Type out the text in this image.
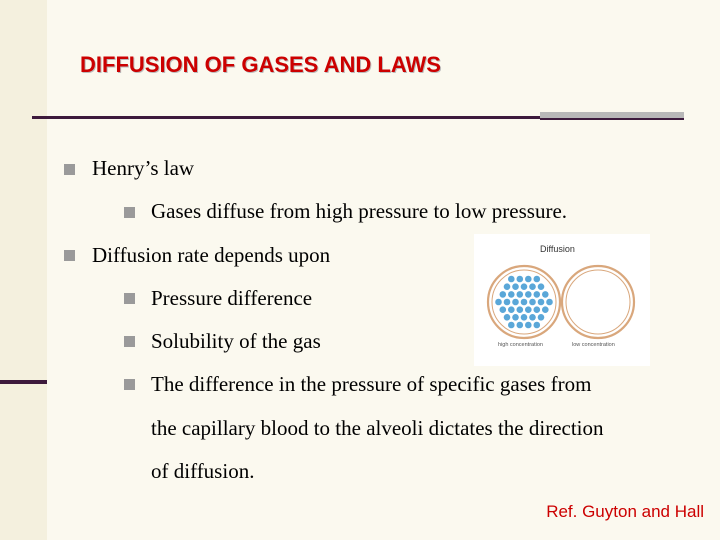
DIFFUSION OF GASES AND LAWS
Henry’s law
Gases diffuse from high pressure to low pressure.
Diffusion rate depends upon
Pressure difference
Solubility of the gas
The difference in the pressure of specific gases from
the capillary blood to the alveoli dictates the direction
of diffusion.
Diffusion
high concentration	low concentration
Ref. Guyton and Hall
